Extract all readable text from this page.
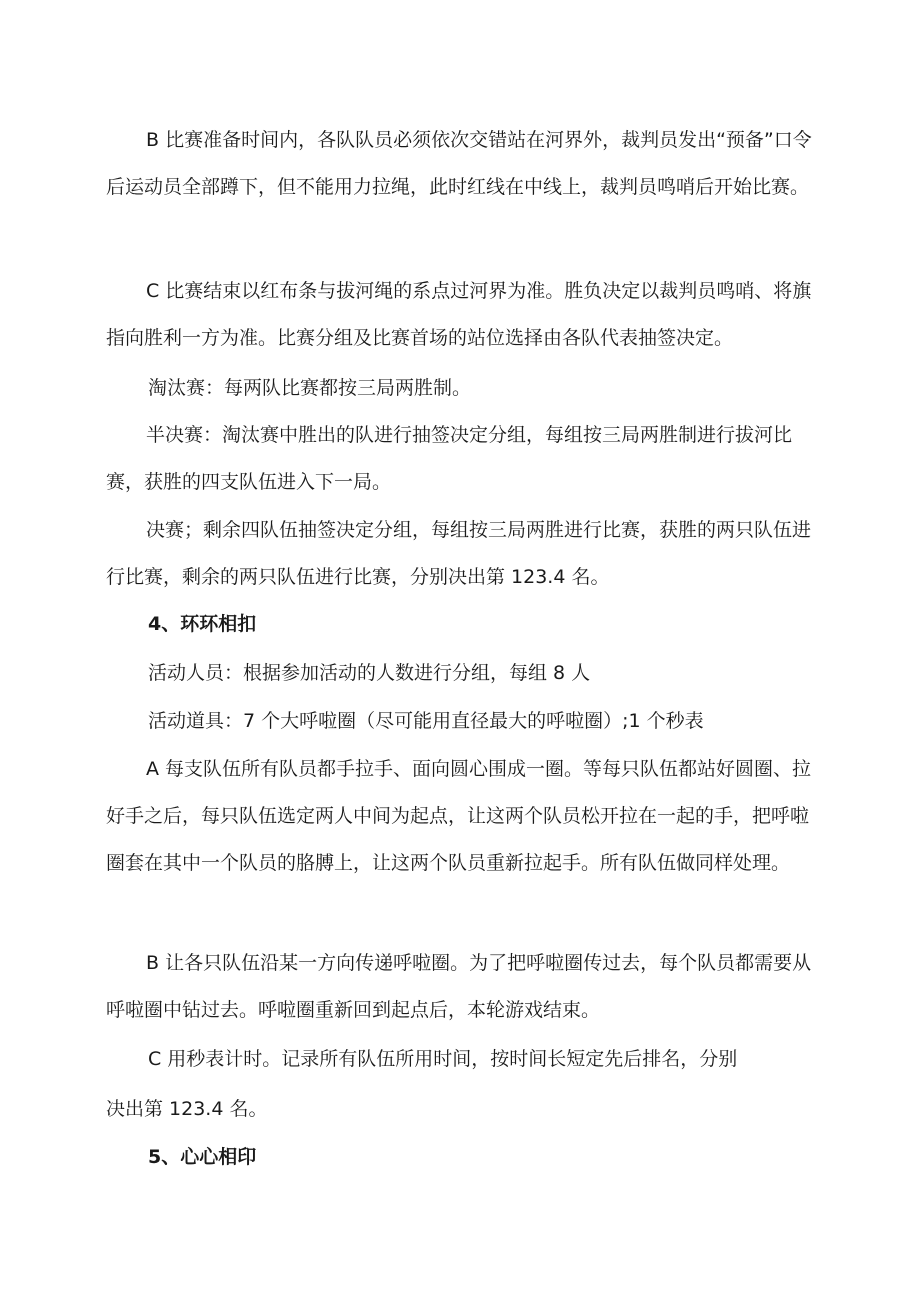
B 比赛准备时间内，各队队员必须依次交错站在河界外，裁判员发出“预备”口令后运动员全部蹲下，但不能用力拉绳，此时红线在中线上，裁判员鸣哨后开始比赛。

C 比赛结束以红布条与拔河绳的系点过河界为准。胜负决定以裁判员鸣哨、将旗指向胜利一方为准。比赛分组及比赛首场的站位选择由各队代表抽签决定。

淘汰赛：每两队比赛都按三局两胜制。

半决赛：淘汰赛中胜出的队进行抽签决定分组，每组按三局两胜制进行拔河比赛，获胜的四支队伍进入下一局。

决赛；剩余四队伍抽签决定分组，每组按三局两胜进行比赛，获胜的两只队伍进行比赛，剩余的两只队伍进行比赛，分别决出第 123.4 名。

4、环环相扣

活动人员：根据参加活动的人数进行分组，每组 8 人

活动道具：7 个大呼啦圈（尽可能用直径最大的呼啦圈）;1 个秒表

A 每支队伍所有队员都手拉手、面向圆心围成一圈。等每只队伍都站好圆圈、拉好手之后，每只队伍选定两人中间为起点，让这两个队员松开拉在一起的手，把呼啦圈套在其中一个队员的胳膊上，让这两个队员重新拉起手。所有队伍做同样处理。

B 让各只队伍沿某一方向传递呼啦圈。为了把呼啦圈传过去，每个队员都需要从呼啦圈中钻过去。呼啦圈重新回到起点后，本轮游戏结束。

C 用秒表计时。记录所有队伍所用时间，按时间长短定先后排名，分别

决出第 123.4 名。

5、心心相印
